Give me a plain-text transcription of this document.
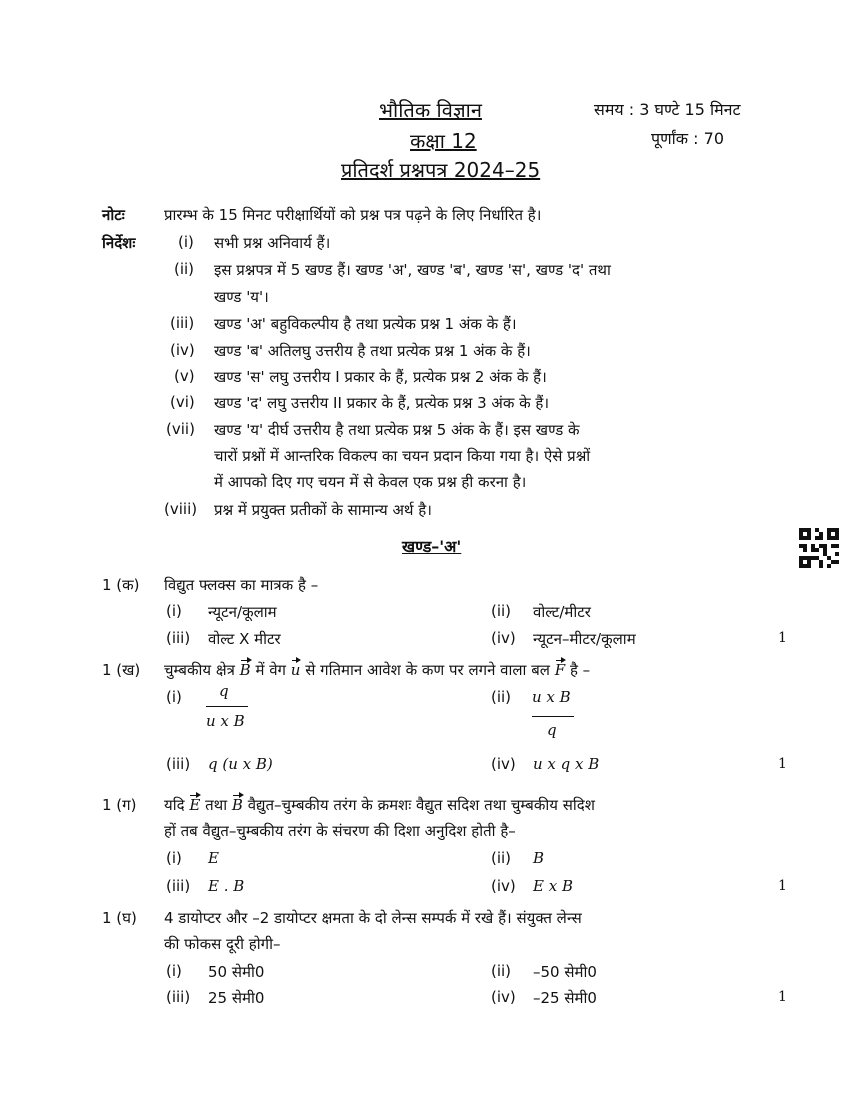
भौतिक विज्ञान
कक्षा 12
प्रतिदर्श प्रश्नपत्र 2024–25
समय : 3 घण्टे 15 मिनट
पूर्णांक : 70
नोटः	प्रारम्भ के 15 मिनट परीक्षार्थियों को प्रश्न पत्र पढ़ने के लिए निर्धारित है।
निर्देशः	(i) सभी प्रश्न अनिवार्य हैं।
(ii) इस प्रश्नपत्र में 5 खण्ड हैं। खण्ड 'अ', खण्ड 'ब', खण्ड 'स', खण्ड 'द' तथा
खण्ड 'य'।
(iii) खण्ड 'अ' बहुविकल्पीय है तथा प्रत्येक प्रश्न 1 अंक के हैं।
(iv) खण्ड 'ब' अतिलघु उत्तरीय है तथा प्रत्येक प्रश्न 1 अंक के हैं।
(v) खण्ड 'स' लघु उत्तरीय I प्रकार के हैं, प्रत्येक प्रश्न 2 अंक के हैं।
(vi) खण्ड 'द' लघु उत्तरीय II प्रकार के हैं, प्रत्येक प्रश्न 3 अंक के हैं।
(vii) खण्ड 'य' दीर्घ उत्तरीय है तथा प्रत्येक प्रश्न 5 अंक के हैं। इस खण्ड के
चारों प्रश्नों में आन्तरिक विकल्प का चयन प्रदान किया गया है। ऐसे प्रश्नों
में आपको दिए गए चयन में से केवल एक प्रश्न ही करना है।
(viii) प्रश्न में प्रयुक्त प्रतीकों के सामान्य अर्थ है।
खण्ड–'अ'
1 (क) विद्युत फ्लक्स का मात्रक है –
(i) न्यूटन/कूलाम	(ii) वोल्ट/मीटर
(iii) वोल्ट X मीटर	(iv) न्यूटन–मीटर/कूलाम	1
1 (ख) चुम्बकीय क्षेत्र B में वेग u से गतिमान आवेश के कण पर लगने वाला बल F है –
(i) q
u x B
(ii) u x B
q
(iii) q (u x B)	(iv) u x q x B	1
1 (ग) यदि E तथा B वैद्युत–चुम्बकीय तरंग के क्रमशः वैद्युत सदिश तथा चुम्बकीय सदिश
हों तब वैद्युत–चुम्बकीय तरंग के संचरण की दिशा अनुदिश होती है–
(i) E	(ii) B
(iii) E . B	(iv) E x B	1
1 (घ) 4 डायोप्टर और –2 डायोप्टर क्षमता के दो लेन्स सम्पर्क में रखे हैं। संयुक्त लेन्स
की फोकस दूरी होगी–
(i) 50 सेमी0	(ii) –50 सेमी0
(iii) 25 सेमी0	(iv) –25 सेमी0	1
